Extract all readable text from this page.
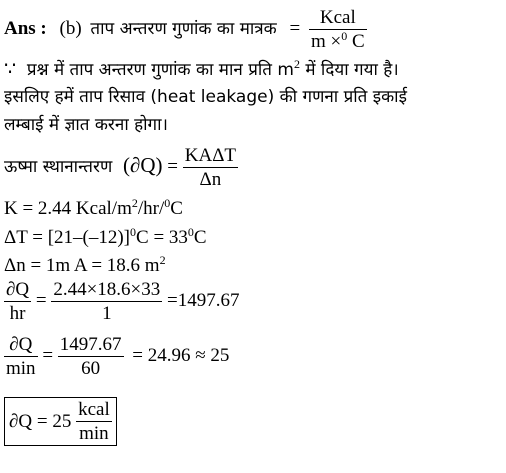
Ans : (b) ताप अन्तरण गुणांक का मात्रक = $\frac{\text{Kcal}}{m \times^0 C}$
∵ प्रश्न में ताप अन्तरण गुणांक का मान प्रति $m^2$ में दिया गया है।
इसलिए हमें ताप रिसाव (heat leakage) की गणना प्रति इकाई
लम्बाई में ज्ञात करना होगा।
ऊष्मा स्थानान्तरण $(\partial Q) = \frac{\text{KAΔT}}{\Delta n}$
K = 2.44 Kcal/$m^2/hr/^0C$
$\Delta T = [21-(-12)]^0C = 33^0C$
Δn = 1m A = 18.6 $m^2$
$\frac{\partial Q}{hr} = \frac{2.44\times 18.6\times 33}{1} =1497.67$
$\frac{\partial Q}{\min} = \frac{1497.67}{60} = 24.96 \approx 25$
$\partial Q = 25 \frac{\text{kcal}}{\min}$
